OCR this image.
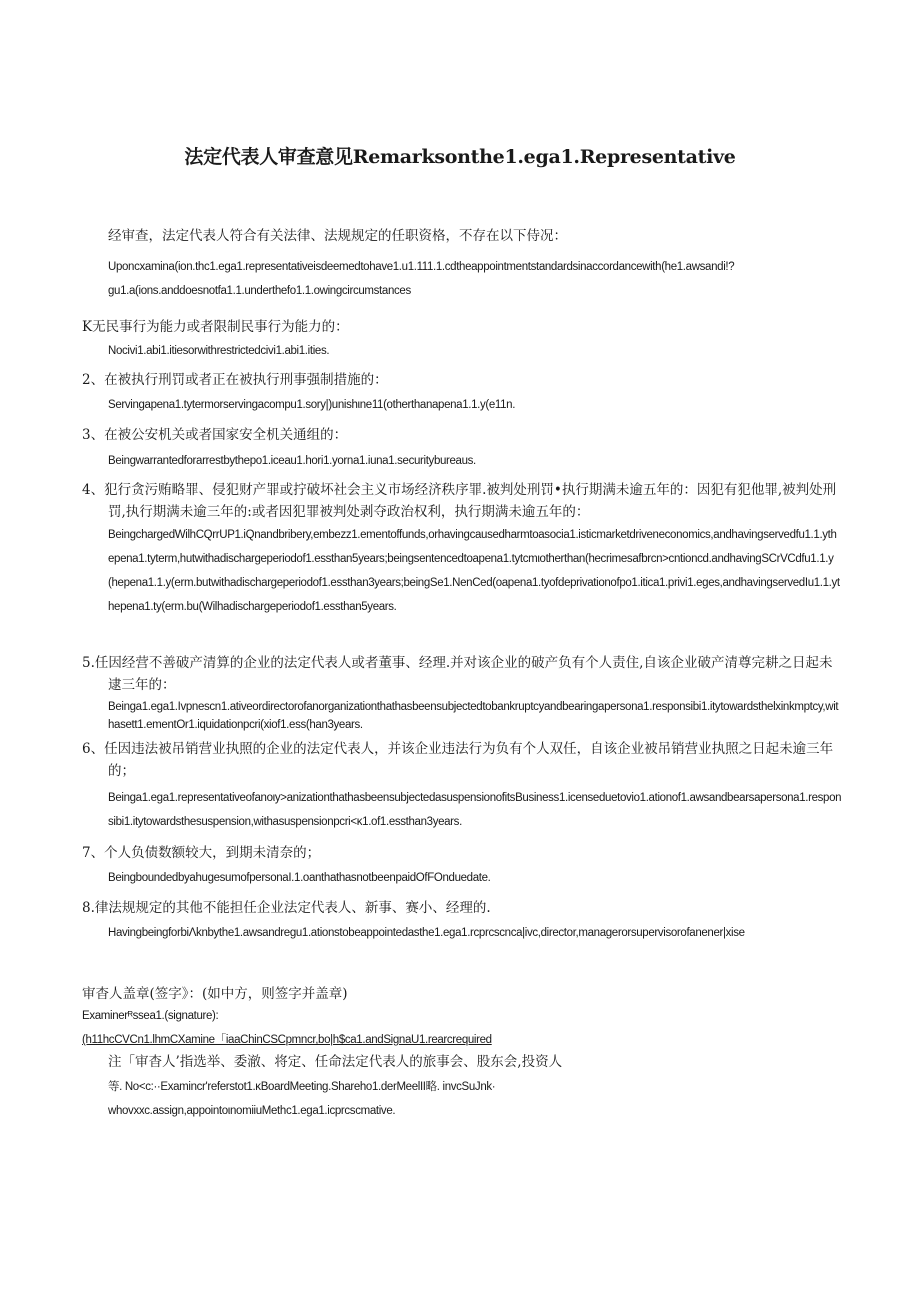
法定代表人审查意见Remarksonthe1.ega1.Representative
经审查，法定代表人符合有关法律、法规规定的任职资格，不存在以下侍况：
Uponcxamina(ion.thc1.ega1.representativeisdeemedtohave1.u1.111.1.cdtheappointmentstandardsinaccordancewith(he1.awsandi!?gu1.a(ions.anddoesnotfa1.1.underthefo1.1.owingcircumstances
K无民事行为能力或者限制民事行为能力的：
Nocivi1.abi1.itiesorwithrestrictedcivi1.abi1.ities.
2、在被执行刑罚或者正在被执行刑事强制措施的：
Servingapena1.tytermorservingacompu1.sory|)unishιne11(otherthanapena1.1.y(e11n.
3、在被公安机关或者国家安全机关通组的：
Beingwarrantedforarrestbythepo1.iceau1.hori1.yorna1.iuna1.securitybureaus.
4、犯行贪污贿略罪、侵犯财产罪或拧破坏社会主义市场经济秩序罪.被判处刑罚•执行期满未逾五年的：因犯有犯他罪,被判处刑罚,执行期满未逾三年的:或者因犯罪被判处剥夺政治权利，执行期满未逾五年的：
BeingchargedWilhCQrrUP1.iQnandbribery,embezz1.ementoffunds,orhavingcausedharmtoasocia1.isticmarketdriveneconomics,andhavingservedfu1.1.ythepena1.tyterm,hutwithadischargeperiodof1.essthan5years;beingsentencedtoapena1.tytcmιotherthan(hecrimesafbrcn>cntioncd.andhavingSCrVCdfu1.1.y(hepena1.1.y(erm.butwithadischargeperiodof1.essthan3years;beingSe1.NenCed(oapena1.tyofdeprivationofpo1.itica1.privi1.eges,andhavingservedIu1.1.ythepena1.ty(erm.bu(Wilhadischargeperiodof1.essthan5years.
5.任因经营不善破产清算的企业的法定代表人或者董事、经理.并对该企业的破产负有个人责住,自该企业破产清尊完耕之日起未逮三年的：
Beinga1.ega1.Ivpnescn1.ativeordirectorofanorganizationthathasbeensubjectedtobankruptcyandbearingapersona1.responsibi1.itytowardsthelxinkmptcy,withasett1.ementOr1.iquidationpcri(xiof1.ess(han3years.
6、任因违法被吊销营业执照的企业的法定代表人，并该企业违法行为负有个人双任，自该企业被吊销营业执照之日起未逾三年的；
Beinga1.ega1.representativeofanoιy>anizationthathasbeensubjectedasuspensionofitsBusiness1.icenseduetovio1.ationof1.awsandbearsapersona1.responsibi1.itytowardsthesuspension,withasuspensionpcri<κ1.of1.essthan3years.
7、个人负债数额较大，到期未清奈的；
BeingboundedbyahugesumofpersonaI.1.oanthathasnotbeenpaidOfFOnduedate.
8.律法规规定的其他不能担任企业法定代表人、新事、赛小、经理的.
HavingbeingforbiΛknbythe1.awsandregu1.ationstobeappointedasthe1.ega1.rcprcscnca|ivc,director,managerorsupervisorofanener|xise
审杳人盖章(签字》：(如中方，则签字并盖章)
Examinerᴿssea1.(signature):
(h11hcCVCn1.lhmCXamine「iaaChinCSCpmncr,bo|h$ca1.andSignaU1.rearcrequired
注「审杳人’指选举、委澈、将定、任命法定代表人的旅事会、股东会,投资人
等. No<c:··Examincr'referstot1.κBoardMeeting.Shareho1.derMeelII略. invcSuJnk·
whovxxc.assign,appointoιnomiiuMethc1.ega1.icprcscmative.
